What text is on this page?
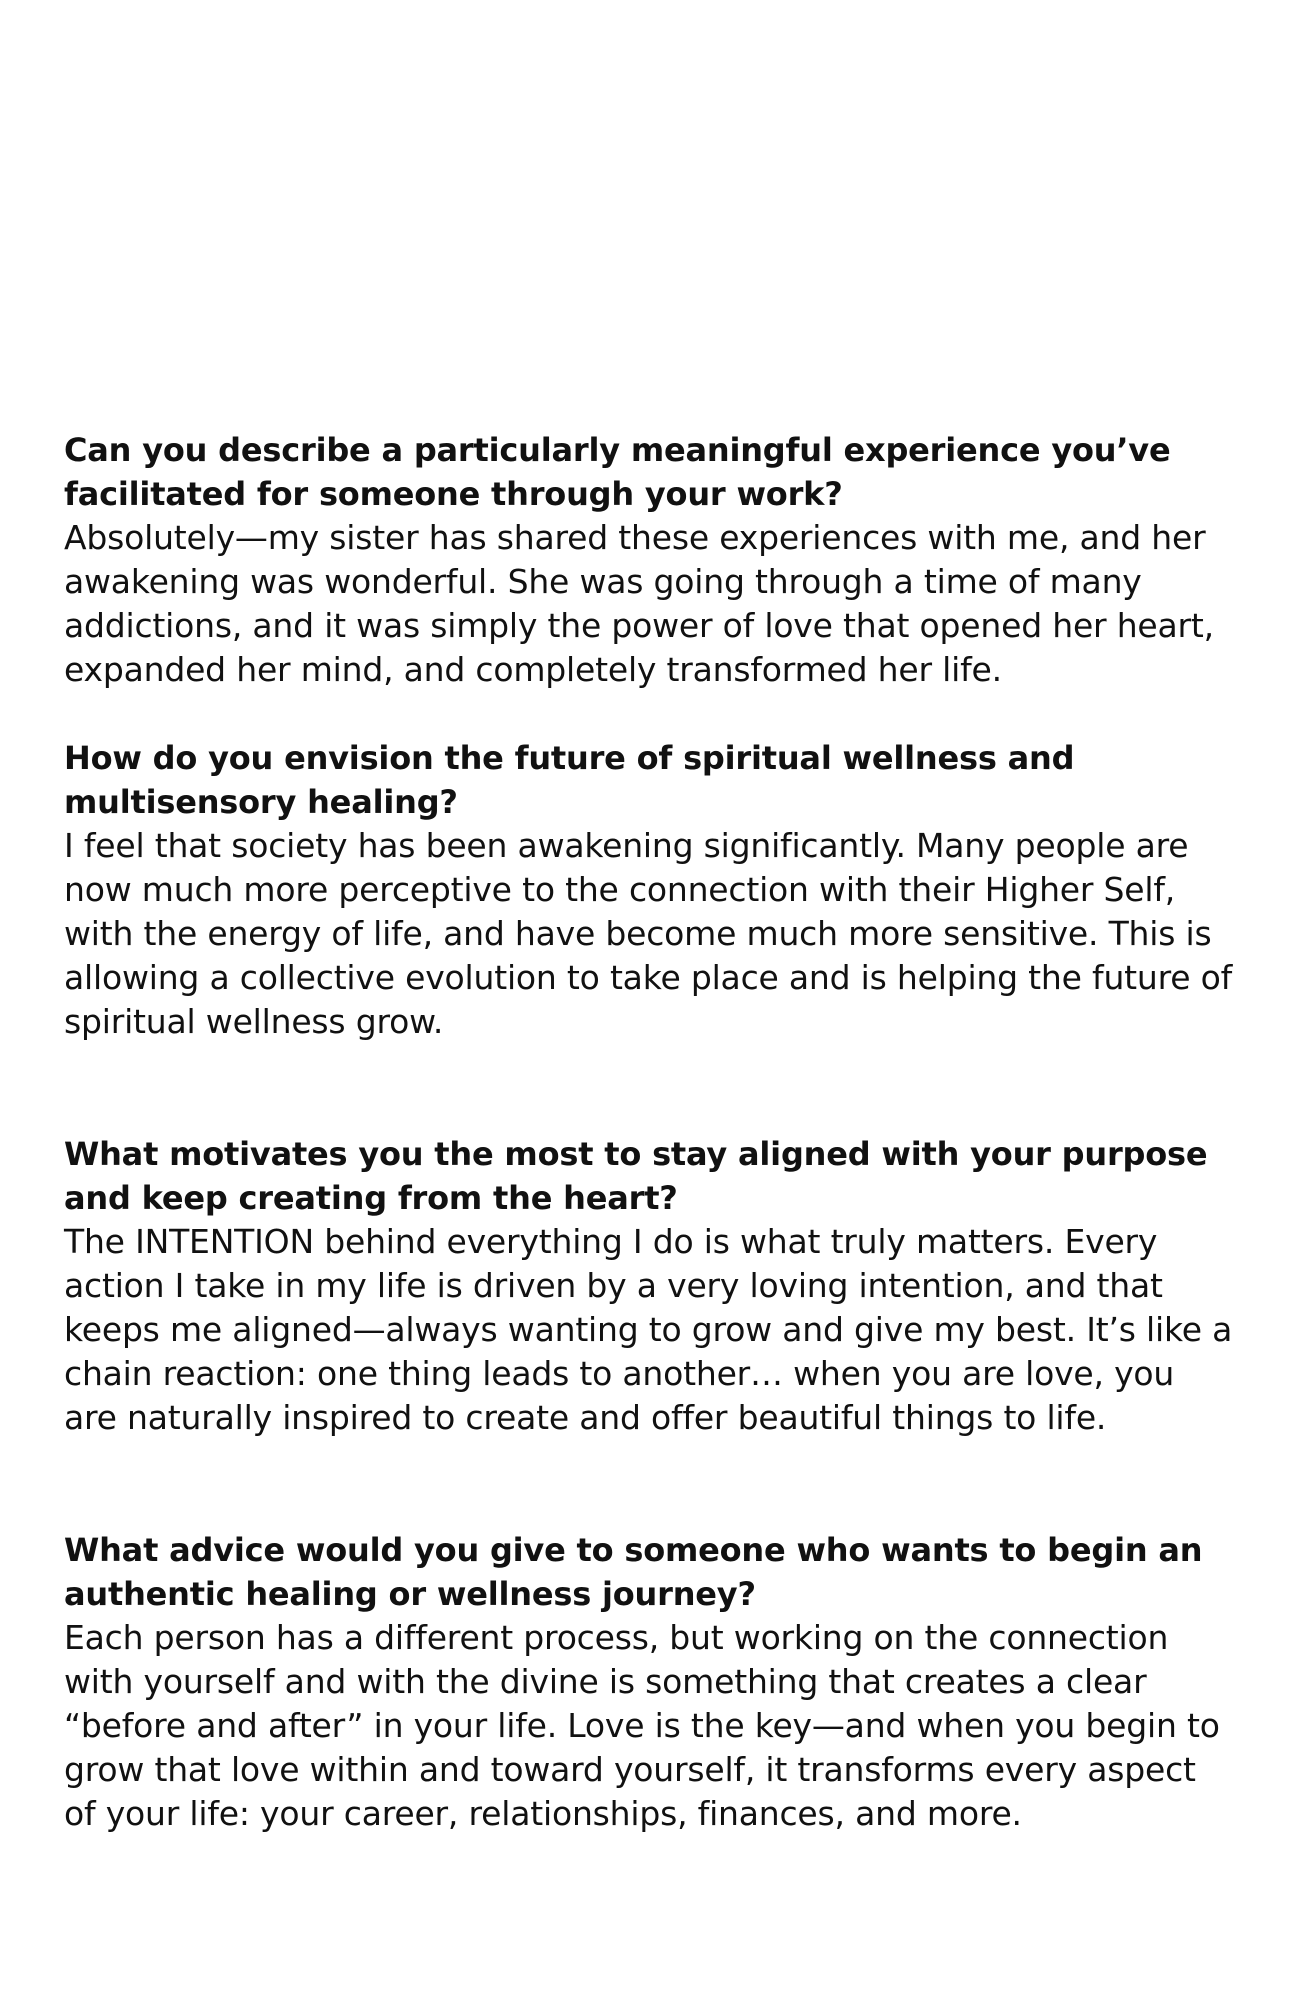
Can you describe a particularly meaningful experience you’ve facilitated for someone through your work?

Absolutely—my sister has shared these experiences with me, and her awakening was wonderful. She was going through a time of many addictions, and it was simply the power of love that opened her heart, expanded her mind, and completely transformed her life.

How do you envision the future of spiritual wellness and multisensory healing?

I feel that society has been awakening significantly. Many people are now much more perceptive to the connection with their Higher Self, with the energy of life, and have become much more sensitive. This is allowing a collective evolution to take place and is helping the future of spiritual wellness grow.

What motivates you the most to stay aligned with your purpose and keep creating from the heart?

The INTENTION behind everything I do is what truly matters. Every action I take in my life is driven by a very loving intention, and that keeps me aligned—always wanting to grow and give my best. It’s like a chain reaction: one thing leads to another… when you are love, you are naturally inspired to create and offer beautiful things to life.

What advice would you give to someone who wants to begin an authentic healing or wellness journey?

Each person has a different process, but working on the connection with yourself and with the divine is something that creates a clear “before and after” in your life. Love is the key—and when you begin to grow that love within and toward yourself, it transforms every aspect of your life: your career, relationships, finances, and more.
